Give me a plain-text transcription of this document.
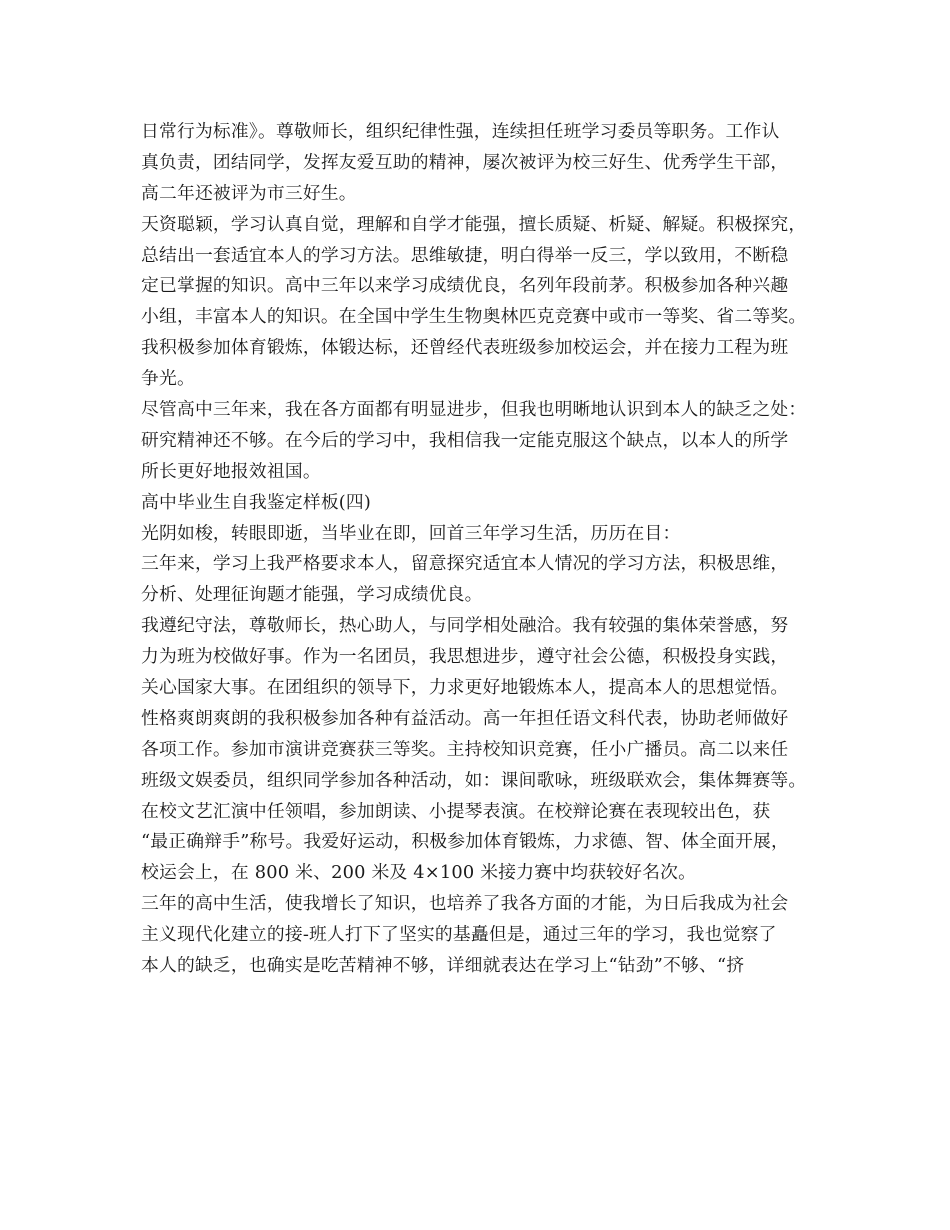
日常行为标准》。尊敬师长，组织纪律性强，连续担任班学习委员等职务。工作认
真负责，团结同学，发挥友爱互助的精神，屡次被评为校三好生、优秀学生干部，
高二年还被评为市三好生。
天资聪颖，学习认真自觉，理解和自学才能强，擅长质疑、析疑、解疑。积极探究，
总结出一套适宜本人的学习方法。思维敏捷，明白得举一反三，学以致用，不断稳
定已掌握的知识。高中三年以来学习成绩优良，名列年段前茅。积极参加各种兴趣
小组，丰富本人的知识。在全国中学生生物奥林匹克竞赛中或市一等奖、省二等奖。
我积极参加体育锻炼，体锻达标，还曾经代表班级参加校运会，并在接力工程为班
争光。
尽管高中三年来，我在各方面都有明显进步，但我也明晰地认识到本人的缺乏之处：
研究精神还不够。在今后的学习中，我相信我一定能克服这个缺点，以本人的所学
所长更好地报效祖国。
高中毕业生自我鉴定样板(四)
光阴如梭，转眼即逝，当毕业在即，回首三年学习生活，历历在目：
三年来，学习上我严格要求本人，留意探究适宜本人情况的学习方法，积极思维，
分析、处理征询题才能强，学习成绩优良。
我遵纪守法，尊敬师长，热心助人，与同学相处融洽。我有较强的集体荣誉感，努
力为班为校做好事。作为一名团员，我思想进步，遵守社会公德，积极投身实践，
关心国家大事。在团组织的领导下，力求更好地锻炼本人，提高本人的思想觉悟。
性格爽朗爽朗的我积极参加各种有益活动。高一年担任语文科代表，协助老师做好
各项工作。参加市演讲竞赛获三等奖。主持校知识竞赛，任小广播员。高二以来任
班级文娱委员，组织同学参加各种活动，如：课间歌咏，班级联欢会，集体舞赛等。
在校文艺汇演中任领唱，参加朗读、小提琴表演。在校辩论赛在表现较出色，获
“最正确辩手”称号。我爱好运动，积极参加体育锻炼，力求德、智、体全面开展，
校运会上，在 800 米、200 米及 4×100 米接力赛中均获较好名次。
三年的高中生活，使我增长了知识，也培养了我各方面的才能，为日后我成为社会
主义现代化建立的接-班人打下了坚实的基矗但是，通过三年的学习，我也觉察了
本人的缺乏，也确实是吃苦精神不够，详细就表达在学习上“钻劲”不够、“挤
